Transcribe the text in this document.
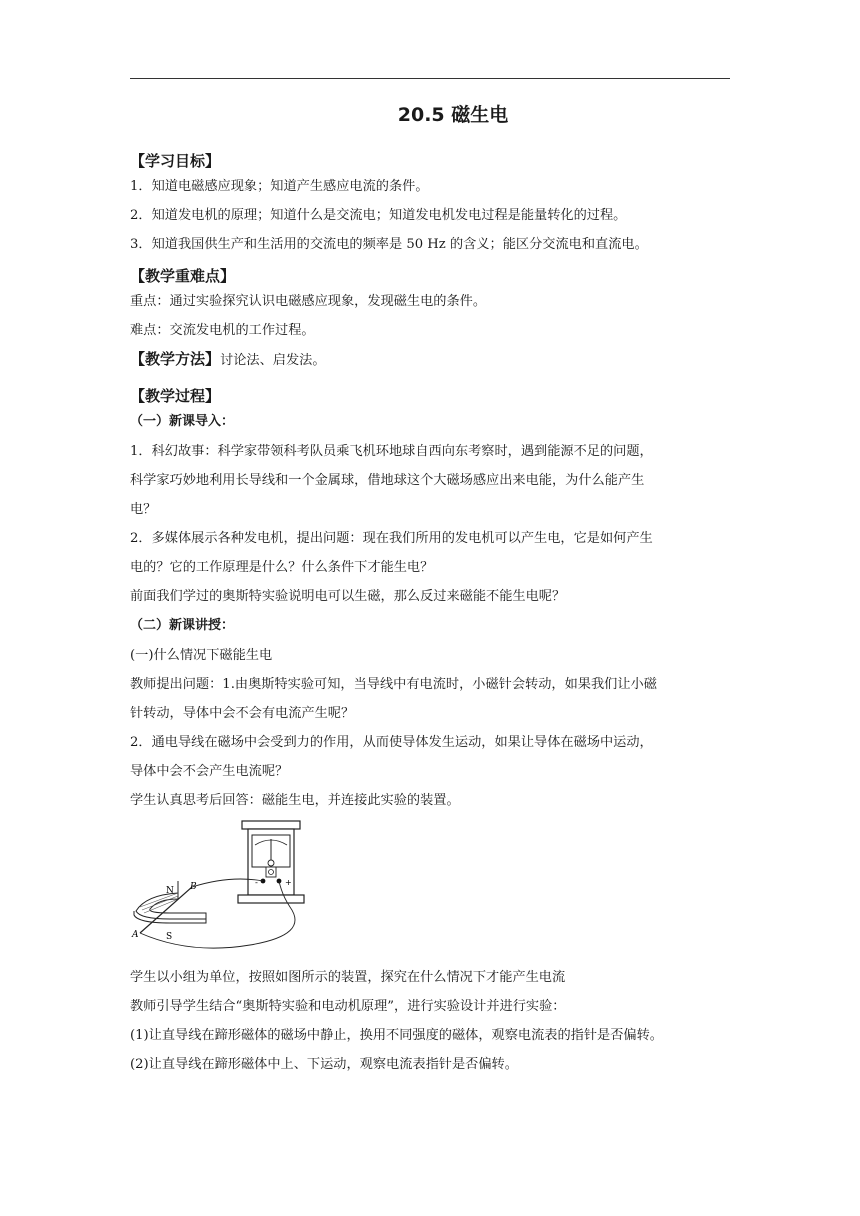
20.5 磁生电
【学习目标】
1．知道电磁感应现象；知道产生感应电流的条件。
2．知道发电机的原理；知道什么是交流电；知道发电机发电过程是能量转化的过程。
3．知道我国供生产和生活用的交流电的频率是 50 Hz 的含义；能区分交流电和直流电。
【教学重难点】
重点：通过实验探究认识电磁感应现象，发现磁生电的条件。
难点：交流发电机的工作过程。
【教学方法】讨论法、启发法。
【教学过程】
（一）新课导入：
1．科幻故事：科学家带领科考队员乘飞机环地球自西向东考察时，遇到能源不足的问题，
科学家巧妙地利用长导线和一个金属球，借地球这个大磁场感应出来电能，为什么能产生
电？
2．多媒体展示各种发电机，提出问题：现在我们所用的发电机可以产生电，它是如何产生
电的？它的工作原理是什么？什么条件下才能生电？
前面我们学过的奥斯特实验说明电可以生磁，那么反过来磁能不能生电呢？
（二）新课讲授：
(一)什么情况下磁能生电
教师提出问题：1.由奥斯特实验可知，当导线中有电流时，小磁针会转动，如果我们让小磁
针转动，导体中会不会有电流产生呢？
2．通电导线在磁场中会受到力的作用，从而使导体发生运动，如果让导体在磁场中运动，
导体中会不会产生电流呢？
学生认真思考后回答：磁能生电，并连接此实验的装置。
-	+
N
S
A
B
学生以小组为单位，按照如图所示的装置，探究在什么情况下才能产生电流
教师引导学生结合“奥斯特实验和电动机原理”，进行实验设计并进行实验：
(1)让直导线在蹄形磁体的磁场中静止，换用不同强度的磁体，观察电流表的指针是否偏转。
(2)让直导线在蹄形磁体中上、下运动，观察电流表指针是否偏转。
